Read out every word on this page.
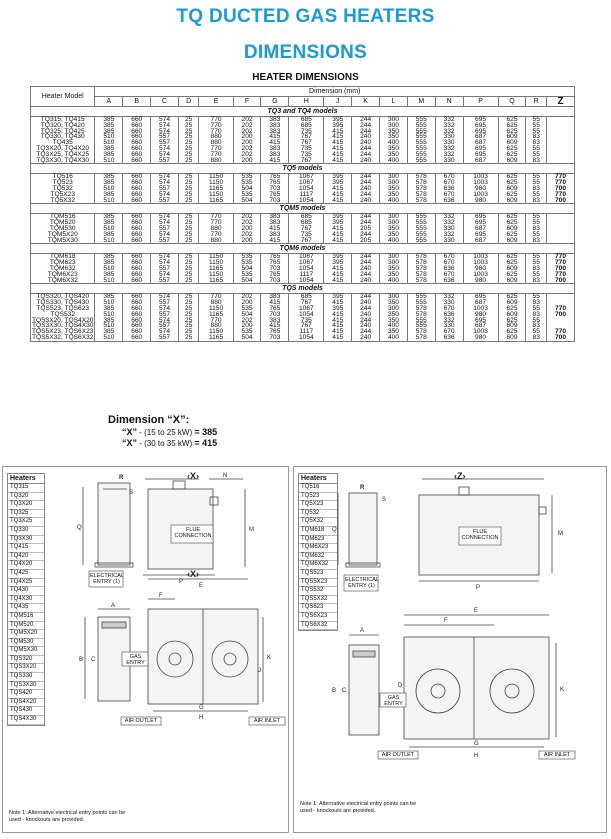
TQ DUCTED GAS HEATERS
DIMENSIONS
HEATER DIMENSIONS
Heater Model	Dimension (mm)																
	A	B	C	D	E	F	G	H	J	K	L	M	N	P	Q	R	Z
TQ3 and TQ4 models																	
TQ315, TQ415	385	660	574	25	770	202	383	685	395	244	300	555	332	695	625	55	
TQ320, TQ420	385	660	574	25	770	202	383	685	395	244	300	555	332	695	625	55	
TQ325, TQ425	385	660	574	25	770	202	383	735	415	244	350	555	332	695	625	55	
TQ330, TQ430	510	660	557	25	880	200	415	767	415	240	350	555	330	687	609	83	
TQ435	510	660	557	25	880	200	415	767	415	240	400	555	330	687	609	83	
TQ3X20, TQ4X20	385	660	574	25	770	202	383	735	415	244	350	555	332	695	625	55	
TQ3X25, TQ4X25	385	660	574	25	770	202	383	735	415	244	350	555	332	695	625	55	
TQ3X30, TQ4X30	510	660	557	25	880	200	415	767	415	240	400	555	330	687	609	83	
TQ5 models																	
TQ516	385	660	574	25	1150	535	765	1067	395	244	300	578	670	1003	625	55	770
TQ523	385	660	574	25	1150	535	765	1067	395	244	300	578	670	1003	625	55	770
TQ532	510	660	557	25	1165	504	703	1054	415	240	350	578	636	980	609	83	700
TQ5X23	385	660	574	25	1150	535	765	1117	415	244	350	578	670	1003	625	55	770
TQ5X32	510	660	557	25	1165	504	703	1054	415	240	400	578	636	980	609	83	700
TQM5 models																	
TQM516	385	660	574	25	770	202	383	685	395	244	300	555	332	695	625	55	
TQM520	385	660	574	25	770	202	383	685	395	244	300	555	332	695	625	55	
TQM530	510	660	557	25	880	200	415	767	415	205	350	555	330	687	609	83	
TQM5X20	385	660	574	25	770	202	383	735	415	244	350	555	332	695	625	55	
TQM5X30	510	660	557	25	880	200	415	767	415	205	400	555	330	687	609	83	
TQM6 models																	
TQM618	385	660	574	25	1150	535	765	1067	395	244	300	578	670	1003	625	55	770
TQM623	385	660	574	25	1150	535	765	1067	395	244	300	578	670	1003	625	55	770
TQM632	510	660	557	25	1165	504	703	1054	415	240	350	578	636	980	609	83	700
TQM6X23	385	660	574	25	1150	535	765	1117	415	244	350	578	670	1003	625	55	770
TQM6X32	510	660	557	25	1165	504	703	1054	415	240	400	578	636	980	609	83	700
TQS models																	
TQS320, TQS420	385	660	574	25	770	202	383	685	395	244	300	555	332	695	625	55	
TQS330, TQS430	510	660	557	25	880	200	415	767	415	240	350	555	330	687	609	83	
TQS523, TQS623	385	660	574	25	1150	535	765	1067	395	244	300	578	670	1003	625	55	770
TQS532	510	660	557	25	1165	504	703	1054	415	240	350	578	636	980	609	83	700
TQS3X20, TQS4X20	385	660	574	25	770	202	383	735	415	244	350	555	332	695	625	55	
TQS3X30, TQS4X30	510	660	557	25	880	200	415	767	415	240	400	555	330	687	609	83	
TQS5X23, TQS6X23	385	660	574	25	1150	535	765	1117	415	244	350	578	670	1003	625	55	770
TQS5X32, TQS6X32	510	660	557	25	1165	504	703	1054	415	240	400	578	636	980	609	83	700
Dimension “X”:
“X” - (15 to 25 kW) = 385
“X” - (30 to 35 kW) = 415
Heaters
TQ315
TQ320
TQ3X20
TQ325
TQ3X25
TQ330
TQ3X30
TQ415
TQ420
TQ4X20
TQ425
TQ4X25
TQ430
TQ4X30
TQ435
TQM516
TQM520
TQM5X20
TQM530
TQM5X30
TQS320
TQS3X20
TQS330
TQS3X30
TQS420
TQS4X20
TQS430
TQS4X30
R	‹X›	N
M
Q
P
‹X›
A
F
E
B C	K
J
G
H
S
FLUE CONNECTION
ELECTRICAL ENTRY (1)
GAS ENTRY
AIR OUTLET	AIR INLET
Note 1: Alternative electrical entry points can be used - knockouts are provided.
Heaters
TQ516
TQ523
TQ5X23
TQ532
TQ5X32
TQM618
TQM623
TQM6X23
TQM632
TQM6X32
TQS523
TQS5X23
TQS532
TQS5X32
TQS623
TQS6X23
TQS6X32
R
‹Z›
M
Q
P
A
F
E
B C
D
K
G
H
S
FLUE CONNECTION
ELECTRICAL ENTRY (1)
GAS ENTRY
AIR OUTLET	AIR INLET
Note 1: Alternative electrical entry points can be used - knockouts are provided.
